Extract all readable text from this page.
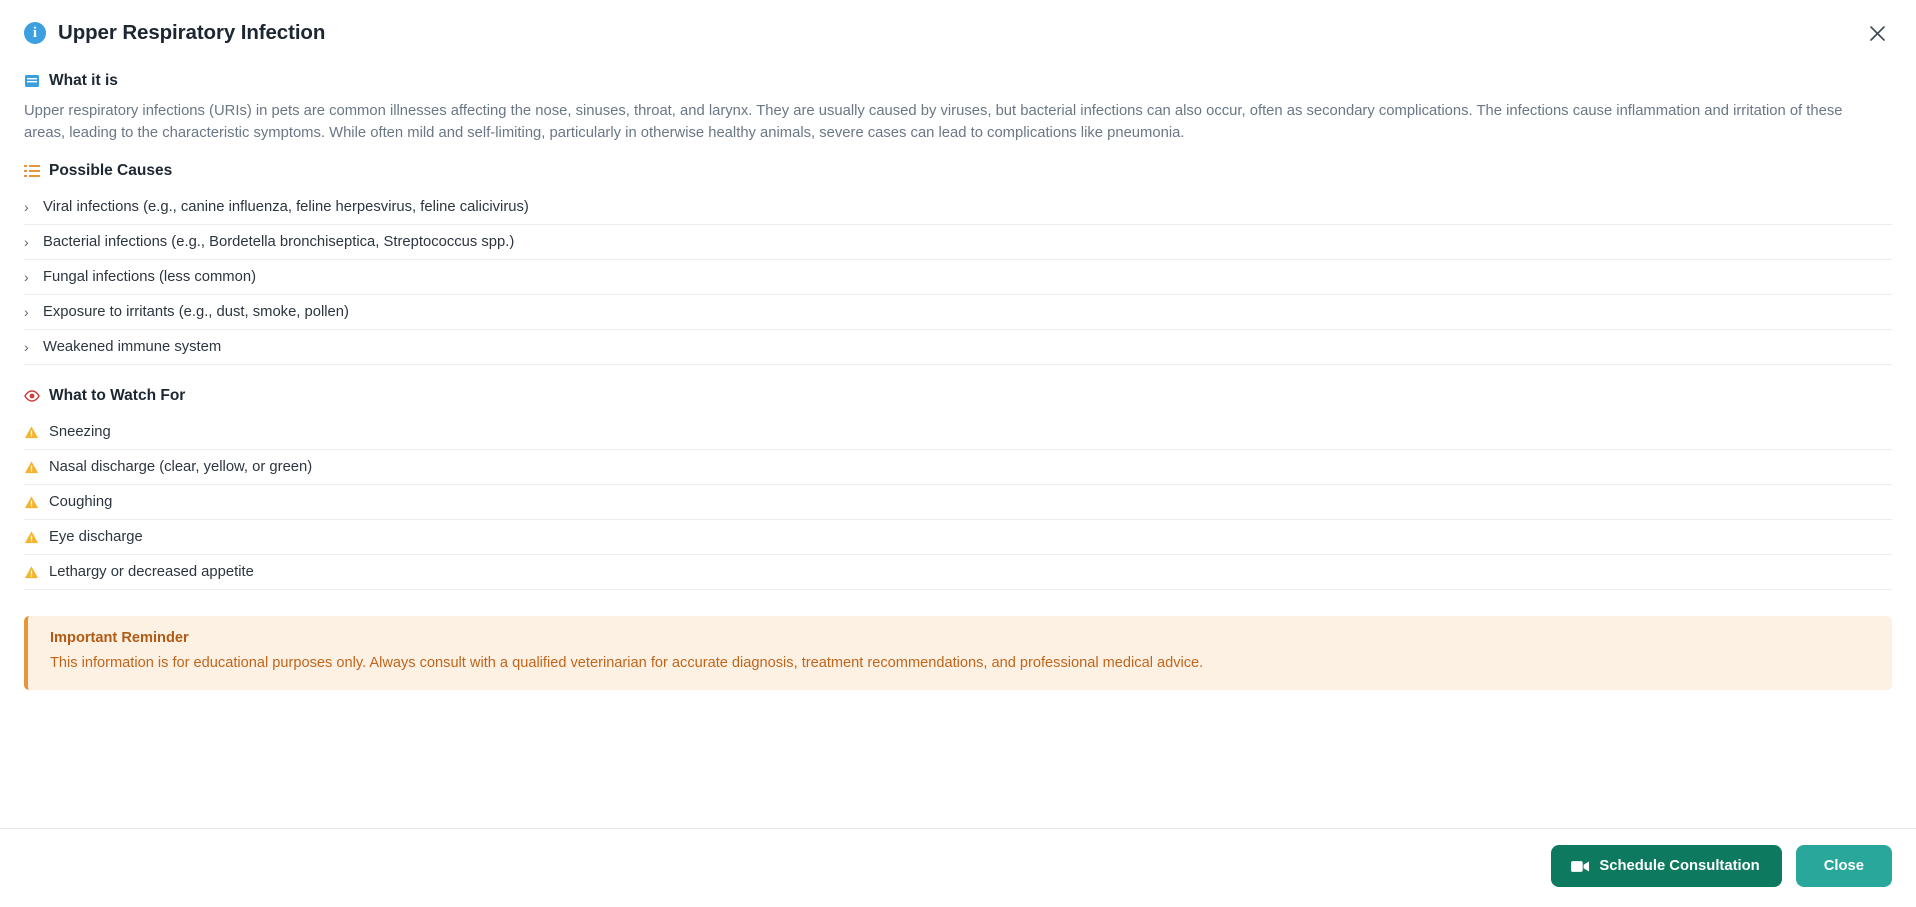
i	Upper Respiratory Infection
What it is

Upper respiratory infections (URIs) in pets are common illnesses affecting the nose, sinuses, throat, and larynx. They are usually caused by viruses, but bacterial infections can also occur, often as secondary complications. The infections cause inflammation and irritation of these areas, leading to the characteristic symptoms. While often mild and self-limiting, particularly in otherwise healthy animals, severe cases can lead to complications like pneumonia.

Possible Causes
› Viral infections (e.g., canine influenza, feline herpesvirus, feline calicivirus)
› Bacterial infections (e.g., Bordetella bronchiseptica, Streptococcus spp.)
› Fungal infections (less common)
› Exposure to irritants (e.g., dust, smoke, pollen)
› Weakened immune system
What to Watch For
Sneezing
Nasal discharge (clear, yellow, or green)
Coughing
Eye discharge
Lethargy or decreased appetite
Important Reminder
This information is for educational purposes only. Always consult with a qualified veterinarian for accurate diagnosis, treatment recommendations, and professional medical advice.
Schedule Consultation	Close
